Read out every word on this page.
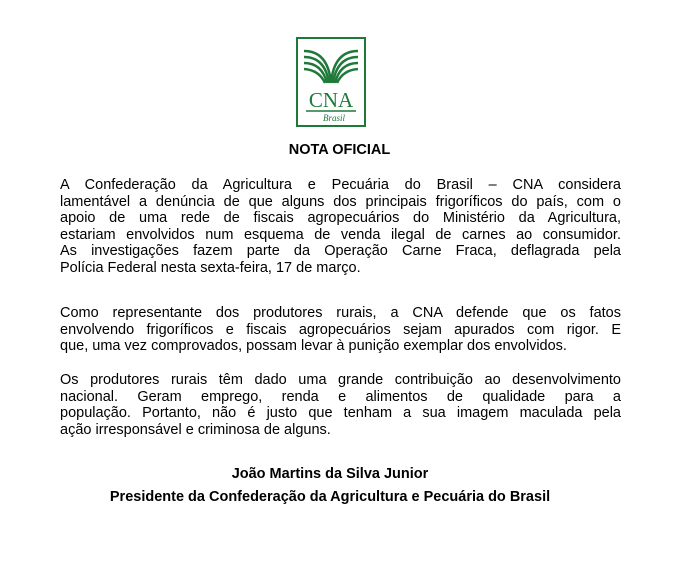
CNA
Brasil
NOTA OFICIAL
A Confederação da Agricultura e Pecuária do Brasil – CNA considera
lamentável a denúncia de que alguns dos principais frigoríficos do país, com o
apoio de uma rede de fiscais agropecuários do Ministério da Agricultura,
estariam envolvidos num esquema de venda ilegal de carnes ao consumidor.
As investigações fazem parte da Operação Carne Fraca, deflagrada pela
Polícia Federal nesta sexta-feira, 17 de março.
Como representante dos produtores rurais, a CNA defende que os fatos
envolvendo frigoríficos e fiscais agropecuários sejam apurados com rigor. E
que, uma vez comprovados, possam levar à punição exemplar dos envolvidos.
Os produtores rurais têm dado uma grande contribuição ao desenvolvimento
nacional. Geram emprego, renda e alimentos de qualidade para a
população. Portanto, não é justo que tenham a sua imagem maculada pela
ação irresponsável e criminosa de alguns.
João Martins da Silva Junior
Presidente da Confederação da Agricultura e Pecuária do Brasil
